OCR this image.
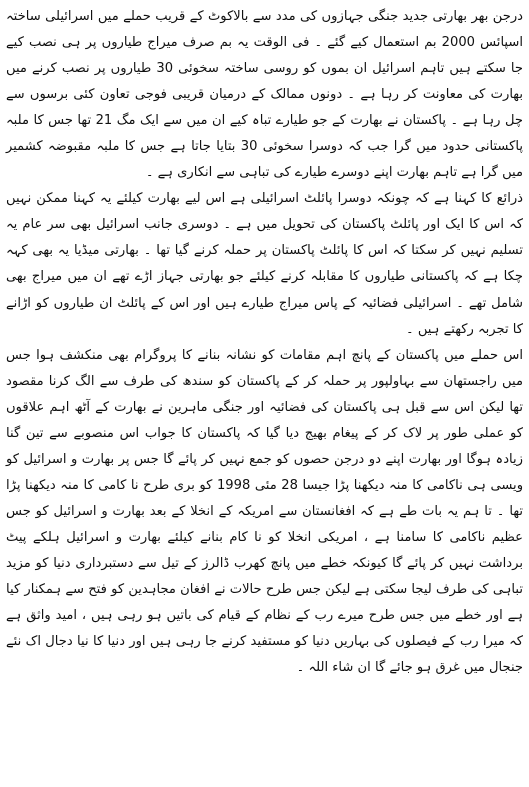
درجن بھر بھارتی جدید جنگی جہازوں کی مدد سے بالاکوٹ کے قریب حملے میں اسرائیلی ساختہ اسپائس 2000 بم استعمال کیے گئے ۔ فی الوقت یہ بم صرف میراج طیاروں پر ہی نصب کیے جا سکتے ہیں تاہم اسرائیل ان بموں کو روسی ساختہ سخوئی 30 طیاروں پر نصب کرنے میں بھارت کی معاونت کر رہا ہے ۔ دونوں ممالک کے درمیان قریبی فوجی تعاون کئی برسوں سے چل رہا ہے ۔ پاکستان نے بھارت کے جو طیارے تباہ کیے ان میں سے ایک مگ 21 تھا جس کا ملبہ پاکستانی حدود میں گرا جب کہ دوسرا سخوئی 30 بتایا جاتا ہے جس کا ملبہ مقبوضہ کشمیر میں گرا ہے تاہم بھارت اپنے دوسرے طیارے کی تباہی سے انکاری ہے ۔

ذرائع کا کہنا ہے کہ چونکہ دوسرا پائلٹ اسرائیلی ہے اس لیے بھارت کیلئے یہ کہنا ممکن نہیں کہ اس کا ایک اور پائلٹ پاکستان کی تحویل میں ہے ۔ دوسری جانب اسرائیل بھی سر عام یہ تسلیم نہیں کر سکتا کہ اس کا پائلٹ پاکستان پر حملہ کرنے گیا تھا ۔ بھارتی میڈیا یہ بھی کہہ چکا ہے کہ پاکستانی طیاروں کا مقابلہ کرنے کیلئے جو بھارتی جہاز اڑے تھے ان میں میراج بھی شامل تھے ۔ اسرائیلی فضائیہ کے پاس میراج طیارے ہیں اور اس کے پائلٹ ان طیاروں کو اڑانے کا تجربہ رکھتے ہیں ۔

اس حملے میں پاکستان کے پانچ اہم مقامات کو نشانہ بنانے کا پروگرام بھی منکشف ہوا جس میں راجستھان سے بہاولپور پر حملہ کر کے پاکستان کو سندھ کی طرف سے الگ کرنا مقصود تھا لیکن اس سے قبل ہی پاکستان کی فضائیہ اور جنگی ماہرین نے بھارت کے آٹھ اہم علاقوں کو عملی طور پر لاک کر کے پیغام بھیج دیا گیا کہ پاکستان کا جواب اس منصوبے سے تین گنا زیادہ ہوگا اور بھارت اپنے دو درجن حصوں کو جمع نہیں کر پائے گا جس پر بھارت و اسرائیل کو ویسی ہی ناکامی کا منہ دیکھنا پڑا جیسا 28 مئی 1998 کو بری طرح نا کامی کا منہ دیکھنا پڑا تھا ۔ تا ہم یہ بات طے ہے کہ افغانستان سے امریکہ کے انخلا کے بعد بھارت و اسرائیل کو جس عظیم ناکامی کا سامنا ہے ، امریکی انخلا کو نا کام بنانے کیلئے بھارت و اسرائیل ہلکے پیٹ برداشت نہیں کر پائے گا کیونکہ خطے میں پانچ کھرب ڈالرز کے تیل سے دستبرداری دنیا کو مزید تباہی کی طرف لیجا سکتی ہے لیکن جس طرح حالات نے افغان مجاہدین کو فتح سے ہمکنار کیا ہے اور خطے میں جس طرح میرے رب کے نظام کے قیام کی باتیں ہو رہی ہیں ، امید واثق ہے کہ میرا رب کے فیصلوں کی بہاریں دنیا کو مستفید کرنے جا رہی ہیں اور دنیا کا نیا دجال اک نئے جنجال میں غرق ہو جائے گا ان شاء اللہ ۔
